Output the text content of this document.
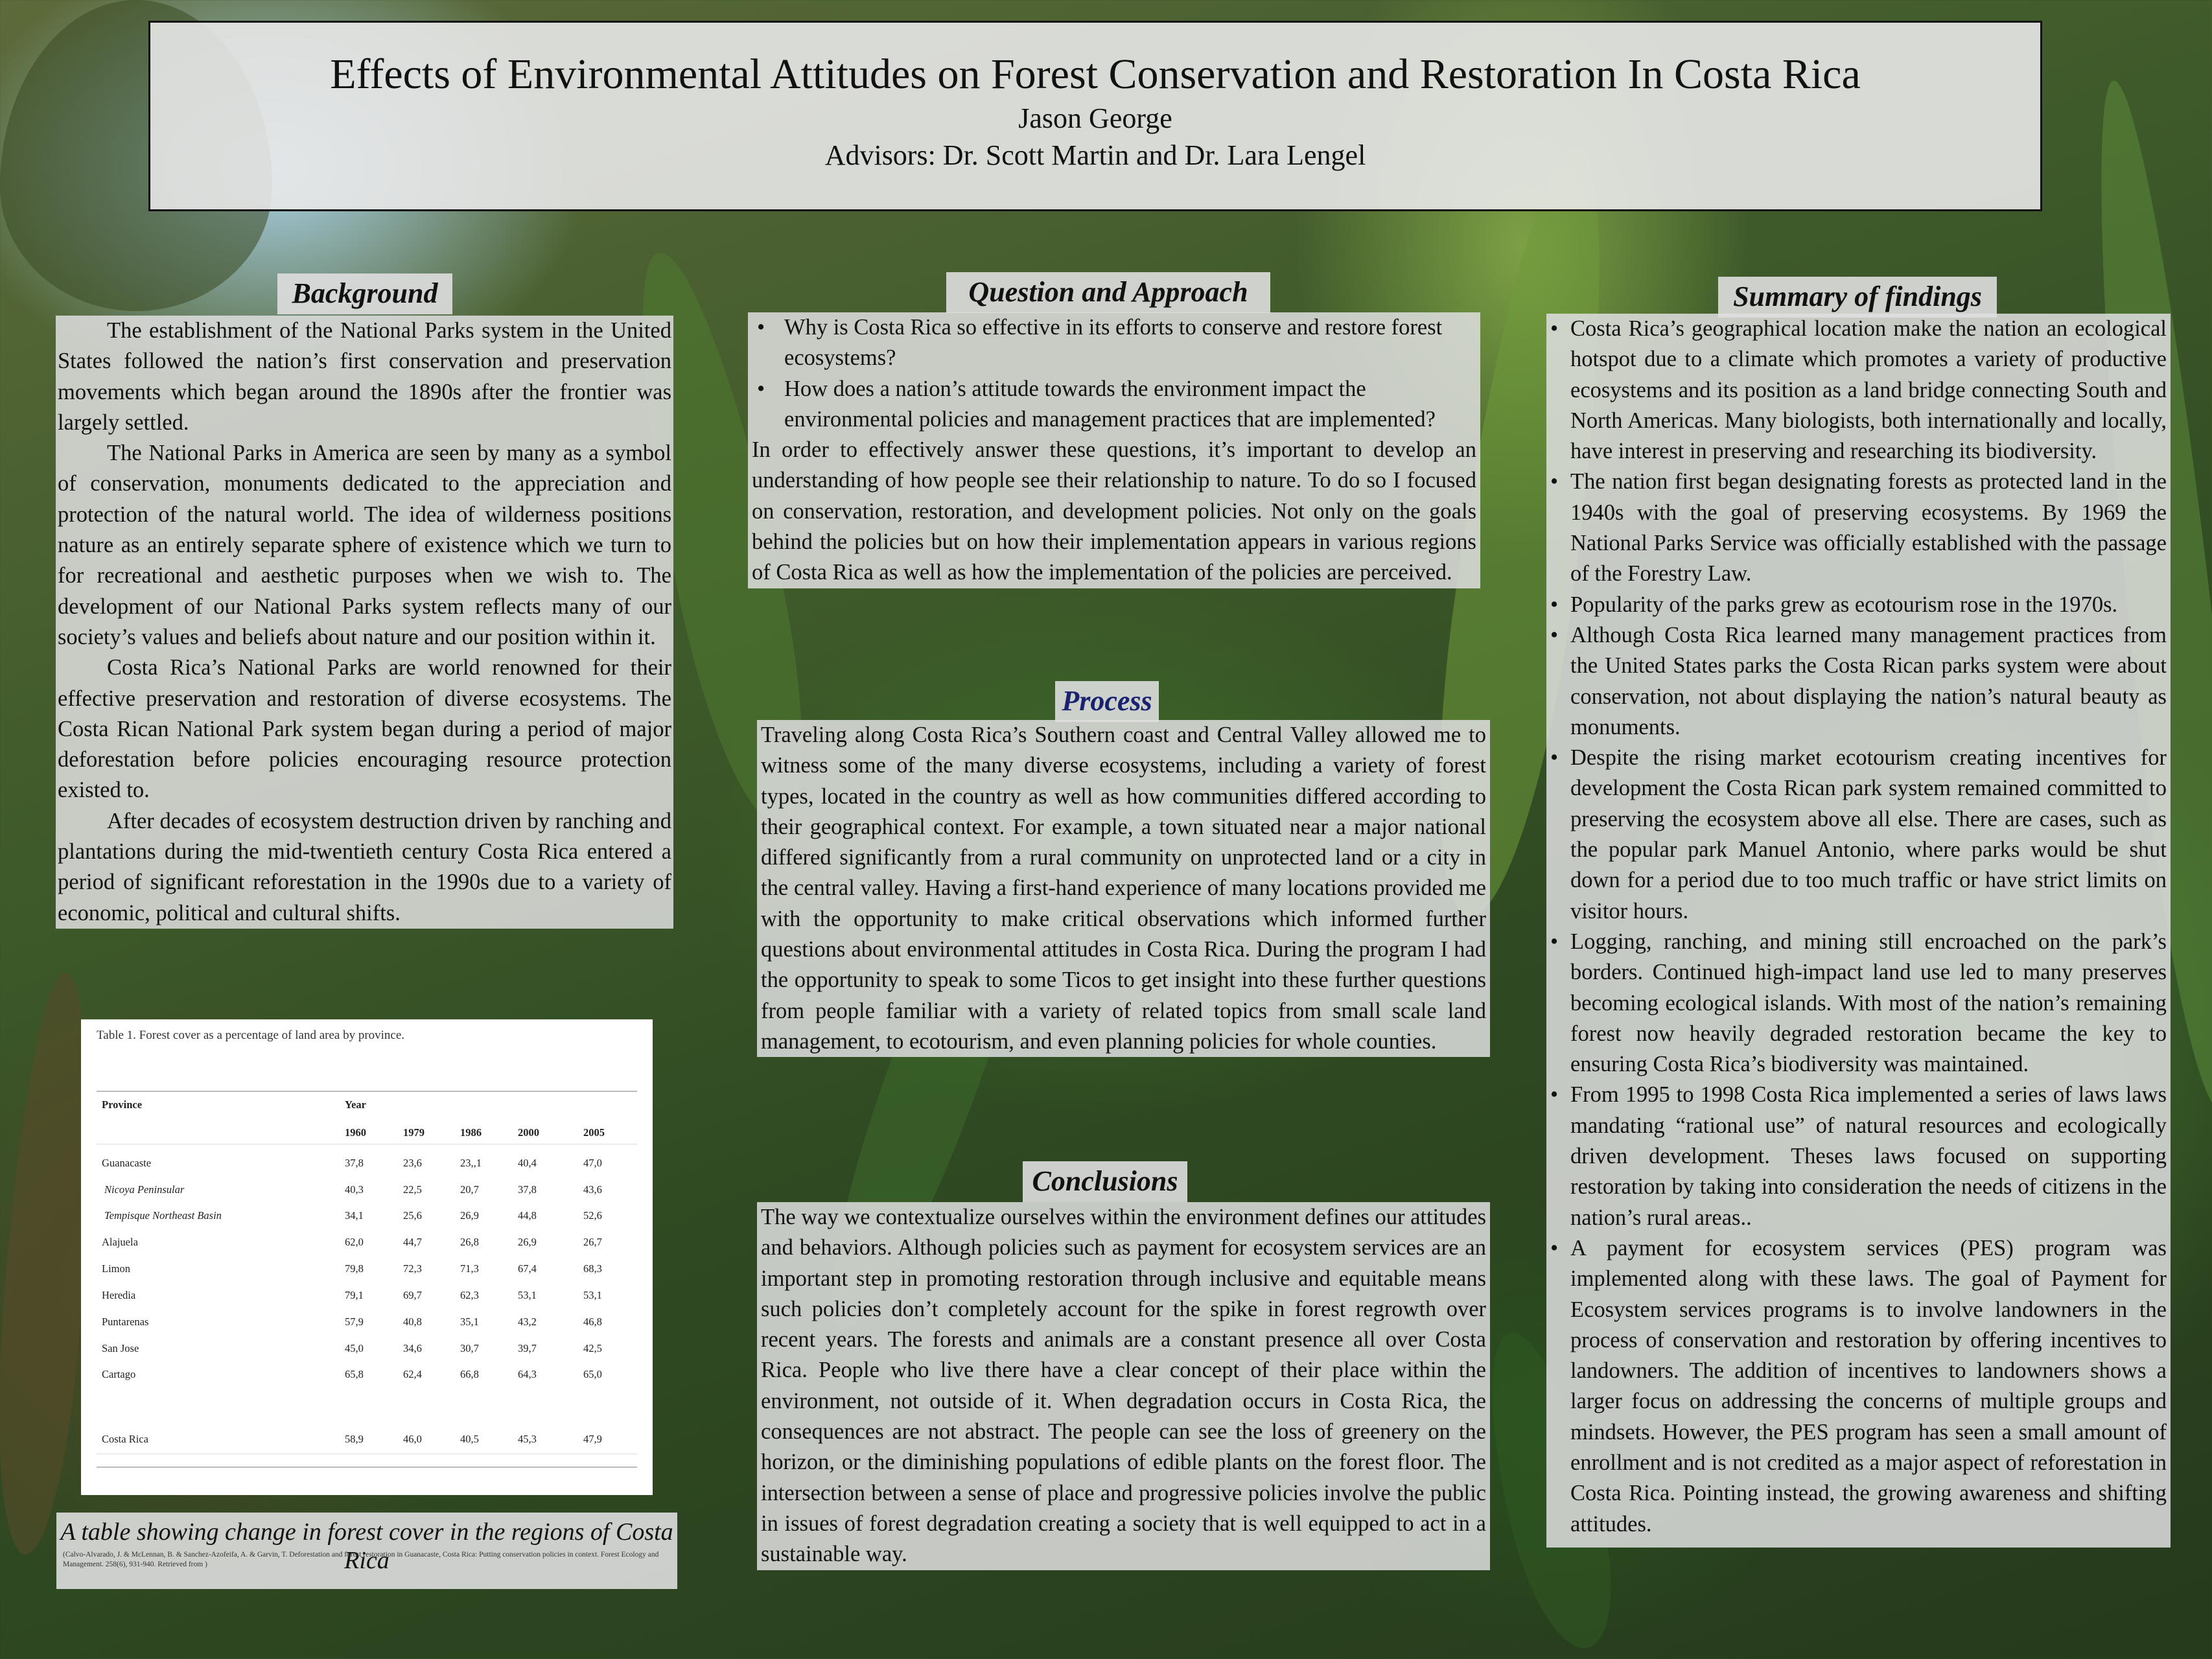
Effects of Environmental Attitudes on Forest Conservation and Restoration In Costa Rica
Jason George
Advisors: Dr. Scott Martin and Dr. Lara Lengel
Background

The establishment of the National Parks system in the United States followed the nation’s first conservation and preservation movements which began around the 1890s after the frontier was largely settled.

The National Parks in America are seen by many as a symbol of conservation, monuments dedicated to the appreciation and protection of the natural world. The idea of wilderness positions nature as an entirely separate sphere of existence which we turn to for recreational and aesthetic purposes when we wish to. The development of our National Parks system reflects many of our society’s values and beliefs about nature and our position within it.

Costa Rica’s National Parks are world renowned for their effective preservation and restoration of diverse ecosystems. The Costa Rican National Park system began during a period of major deforestation before policies encouraging resource protection existed to.

After decades of ecosystem destruction driven by ranching and plantations during the mid-twentieth century Costa Rica entered a period of significant reforestation in the 1990s due to a variety of economic, political and cultural shifts.

Table 1. Forest cover as a percentage of land area by province.
Province	Year
1960	1979	1986	2000	2005
Guanacaste	37,8	23,6	23,,1	40,4	47,0
Nicoya Peninsular	40,3	22,5	20,7	37,8	43,6
Tempisque Northeast Basin	34,1	25,6	26,9	44,8	52,6
Alajuela	62,0	44,7	26,8	26,9	26,7
Limon	79,8	72,3	71,3	67,4	68,3
Heredia	79,1	69,7	62,3	53,1	53,1
Puntarenas	57,9	40,8	35,1	43,2	46,8
San Jose	45,0	34,6	30,7	39,7	42,5
Cartago	65,8	62,4	66,8	64,3	65,0
Costa Rica	58,9	46,0	40,5	45,3	47,9
A table showing change in forest cover in the regions of Costa Rica
(Calvo-Alvarado, J. & McLennan, B. & Sanchez-Azofeifa, A. & Garvin, T. Deforestation and forest restoration in Guanacaste, Costa Rica: Putting conservation policies in context. Forest Ecology and Management. 258(6), 931-940. Retrieved from )
Question and Approach
• Why is Costa Rica so effective in its efforts to conserve and restore forest ecosystems?
• How does a nation’s attitude towards the environment impact the environmental policies and management practices that are implemented?

In order to effectively answer these questions, it’s important to develop an understanding of how people see their relationship to nature. To do so I focused on conservation, restoration, and development policies. Not only on the goals behind the policies but on how their implementation appears in various regions of Costa Rica as well as how the implementation of the policies are perceived.

Process

Traveling along Costa Rica’s Southern coast and Central Valley allowed me to witness some of the many diverse ecosystems, including a variety of forest types, located in the country as well as how communities differed according to their geographical context. For example, a town situated near a major national differed significantly from a rural community on unprotected land or a city in the central valley. Having a first-hand experience of many locations provided me with the opportunity to make critical observations which informed further questions about environmental attitudes in Costa Rica. During the program I had the opportunity to speak to some Ticos to get insight into these further questions from people familiar with a variety of related topics from small scale land management, to ecotourism, and even planning policies for whole counties.

Conclusions

The way we contextualize ourselves within the environment defines our attitudes and behaviors. Although policies such as payment for ecosystem services are an important step in promoting restoration through inclusive and equitable means such policies don’t completely account for the spike in forest regrowth over recent years. The forests and animals are a constant presence all over Costa Rica. People who live there have a clear concept of their place within the environment, not outside of it. When degradation occurs in Costa Rica, the consequences are not abstract. The people can see the loss of greenery on the horizon, or the diminishing populations of edible plants on the forest floor. The intersection between a sense of place and progressive policies involve the public in issues of forest degradation creating a society that is well equipped to act in a sustainable way.

Summary of findings
• Costa Rica’s geographical location make the nation an ecological hotspot due to a climate which promotes a variety of productive ecosystems and its position as a land bridge connecting South and North Americas. Many biologists, both internationally and locally, have interest in preserving and researching its biodiversity.
• The nation first began designating forests as protected land in the 1940s with the goal of preserving ecosystems. By 1969 the National Parks Service was officially established with the passage of the Forestry Law.
• Popularity of the parks grew as ecotourism rose in the 1970s.
• Although Costa Rica learned many management practices from the United States parks the Costa Rican parks system were about conservation, not about displaying the nation’s natural beauty as monuments.
• Despite the rising market ecotourism creating incentives for development the Costa Rican park system remained committed to preserving the ecosystem above all else. There are cases, such as the popular park Manuel Antonio, where parks would be shut down for a period due to too much traffic or have strict limits on visitor hours.
• Logging, ranching, and mining still encroached on the park’s borders. Continued high-impact land use led to many preserves becoming ecological islands. With most of the nation’s remaining forest now heavily degraded restoration became the key to ensuring Costa Rica’s biodiversity was maintained.
• From 1995 to 1998 Costa Rica implemented a series of laws laws mandating “rational use” of natural resources and ecologically driven development. Theses laws focused on supporting restoration by taking into consideration the needs of citizens in the nation’s rural areas..
• A payment for ecosystem services (PES) program was implemented along with these laws. The goal of Payment for Ecosystem services programs is to involve landowners in the process of conservation and restoration by offering incentives to landowners. The addition of incentives to landowners shows a larger focus on addressing the concerns of multiple groups and mindsets. However, the PES program has seen a small amount of enrollment and is not credited as a major aspect of reforestation in Costa Rica. Pointing instead, the growing awareness and shifting attitudes.
